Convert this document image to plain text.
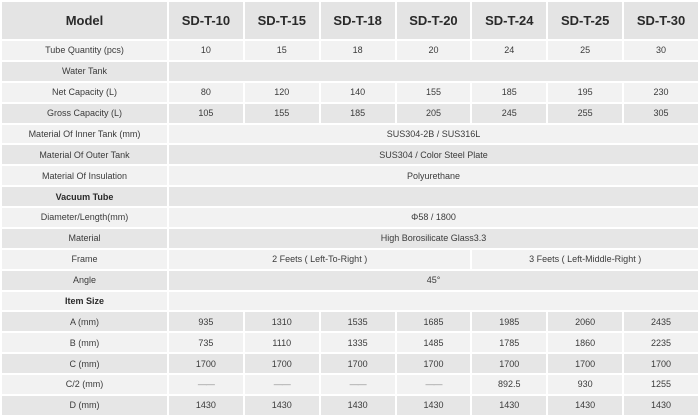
Model	SD-T-10	SD-T-15	SD-T-18	SD-T-20	SD-T-24	SD-T-25	SD-T-30
Tube Quantity (pcs)	10	15	18	20	24	25	30
Water Tank							
Net Capacity (L)	80	120	140	155	185	195	230
Gross Capacity (L)	105	155	185	205	245	255	305
Material Of Inner Tank (mm)	SUS304-2B / SUS316L						
Material Of Outer Tank	SUS304 / Color Steel Plate						
Material Of Insulation	Polyurethane						
Vacuum Tube							
Diameter/Length(mm)	Φ58 / 1800						
Material	High Borosilicate Glass3.3						
Frame	2 Feets ( Left-To-Right )				3 Feets ( Left-Middle-Right )		
Angle	45°						
Item Size							
A (mm)	935	1310	1535	1685	1985	2060	2435
B (mm)	735	1110	1335	1485	1785	1860	2235
C (mm)	1700	1700	1700	1700	1700	1700	1700
C/2 (mm)	——	——	——	——	892.5	930	1255
D (mm)	1430	1430	1430	1430	1430	1430	1430
